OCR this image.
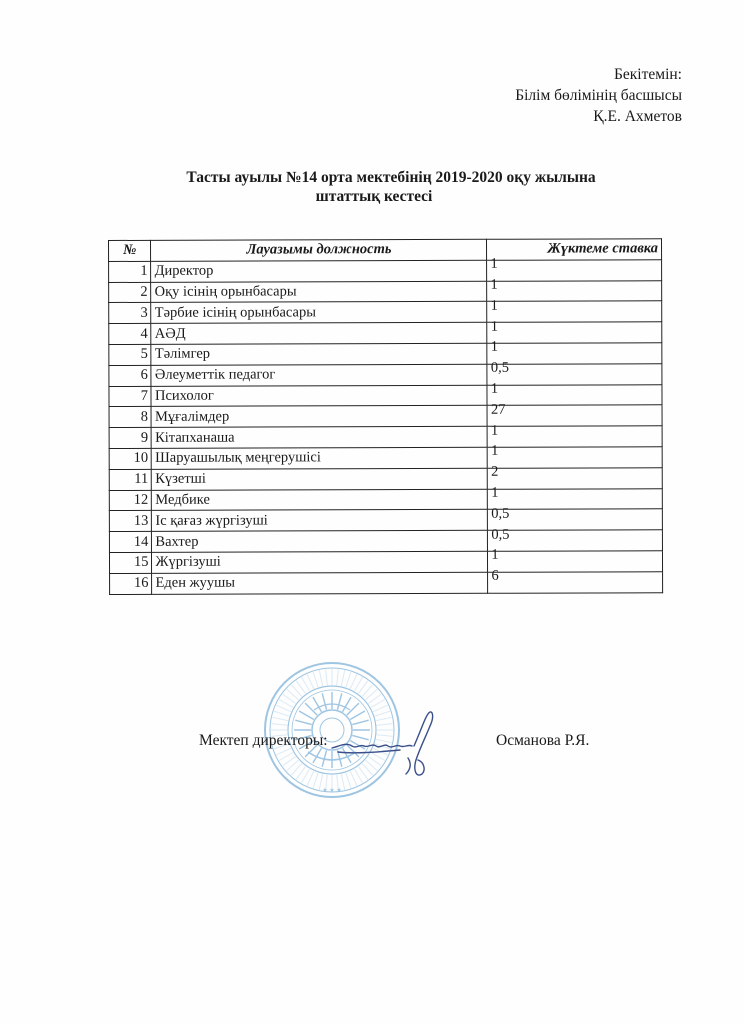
Бекітемін:
Білім бөлімінің басшысы
Қ.Е. Ахметов
Тасты ауылы №14 орта мектебінің 2019-2020 оқу жылына
штаттық кестесі
№	Лауазымы должность	Жүктеме ставка
1	Директор	1
2	Оқу ісінің орынбасары	1
3	Тәрбие ісінің орынбасары	1
4	АӘД	1
5	Тәлімгер	1
6	Әлеуметтік педагог	0,5
7	Психолог	1
8	Мұғалімдер	27
9	Кітапханаша	1
10	Шаруашылық меңгерушісі	1
11	Күзетші	2
12	Медбике	1
13	Іс қағаз жүргізуші	0,5
14	Вахтер	0,5
15	Жүргізуші	1
16	Еден жуушы	6
★ ★ ★
Мектеп директоры:	Османова Р.Я.
